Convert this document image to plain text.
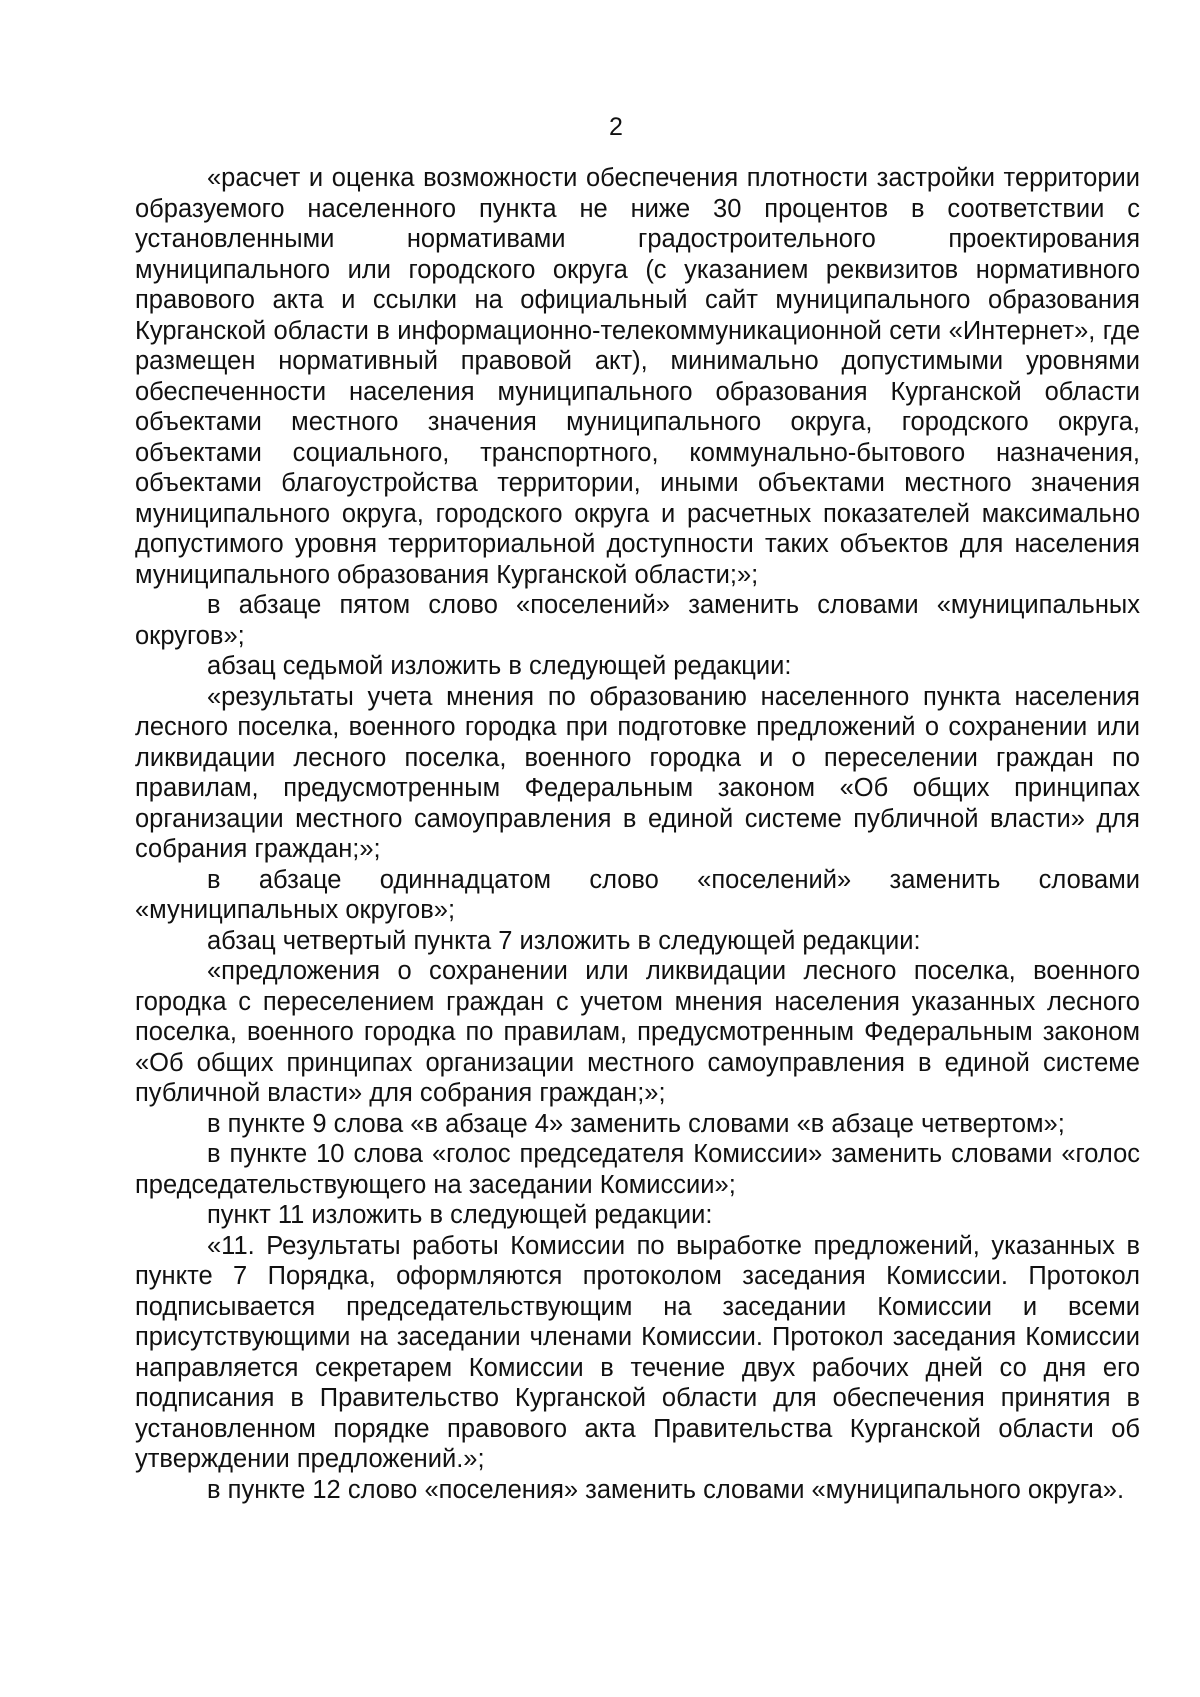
2

«расчет и оценка возможности обеспечения плотности застройки территории образуемого населенного пункта не ниже 30 процентов в соответствии с установленными нормативами градостроительного проектирования муниципального или городского округа (с указанием реквизитов нормативного правового акта и ссылки на официальный сайт муниципального образования Курганской области в информационно-телекоммуникационной сети «Интернет», где размещен нормативный правовой акт), минимально допустимыми уровнями обеспеченности населения муниципального образования Курганской области объектами местного значения муниципального округа, городского округа, объектами социального, транспортного, коммунально-бытового назначения, объектами благоустройства территории, иными объектами местного значения муниципального округа, городского округа и расчетных показателей максимально допустимого уровня территориальной доступности таких объектов для населения муниципального образования Курганской области;»;

в абзаце пятом слово «поселений» заменить словами «муниципальных округов»;

абзац седьмой изложить в следующей редакции:

«результаты учета мнения по образованию населенного пункта населения лесного поселка, военного городка при подготовке предложений о сохранении или ликвидации лесного поселка, военного городка и о переселении граждан по правилам, предусмотренным Федеральным законом «Об общих принципах организации местного самоуправления в единой системе публичной власти» для собрания граждан;»;

в абзаце одиннадцатом слово «поселений» заменить словами «муниципальных округов»;

абзац четвертый пункта 7 изложить в следующей редакции:

«предложения о сохранении или ликвидации лесного поселка, военного городка с переселением граждан с учетом мнения населения указанных лесного поселка, военного городка по правилам, предусмотренным Федеральным законом «Об общих принципах организации местного самоуправления в единой системе публичной власти» для собрания граждан;»;

в пункте 9 слова «в абзаце 4» заменить словами «в абзаце четвертом»;

в пункте 10 слова «голос председателя Комиссии» заменить словами «голос председательствующего на заседании Комиссии»;

пункт 11 изложить в следующей редакции:

«11. Результаты работы Комиссии по выработке предложений, указанных в пункте 7 Порядка, оформляются протоколом заседания Комиссии. Протокол подписывается председательствующим на заседании Комиссии и всеми присутствующими на заседании членами Комиссии. Протокол заседания Комиссии направляется секретарем Комиссии в течение двух рабочих дней со дня его подписания в Правительство Курганской области для обеспечения принятия в установленном порядке правового акта Правительства Курганской области об утверждении предложений.»;

в пункте 12 слово «поселения» заменить словами «муниципального округа».
